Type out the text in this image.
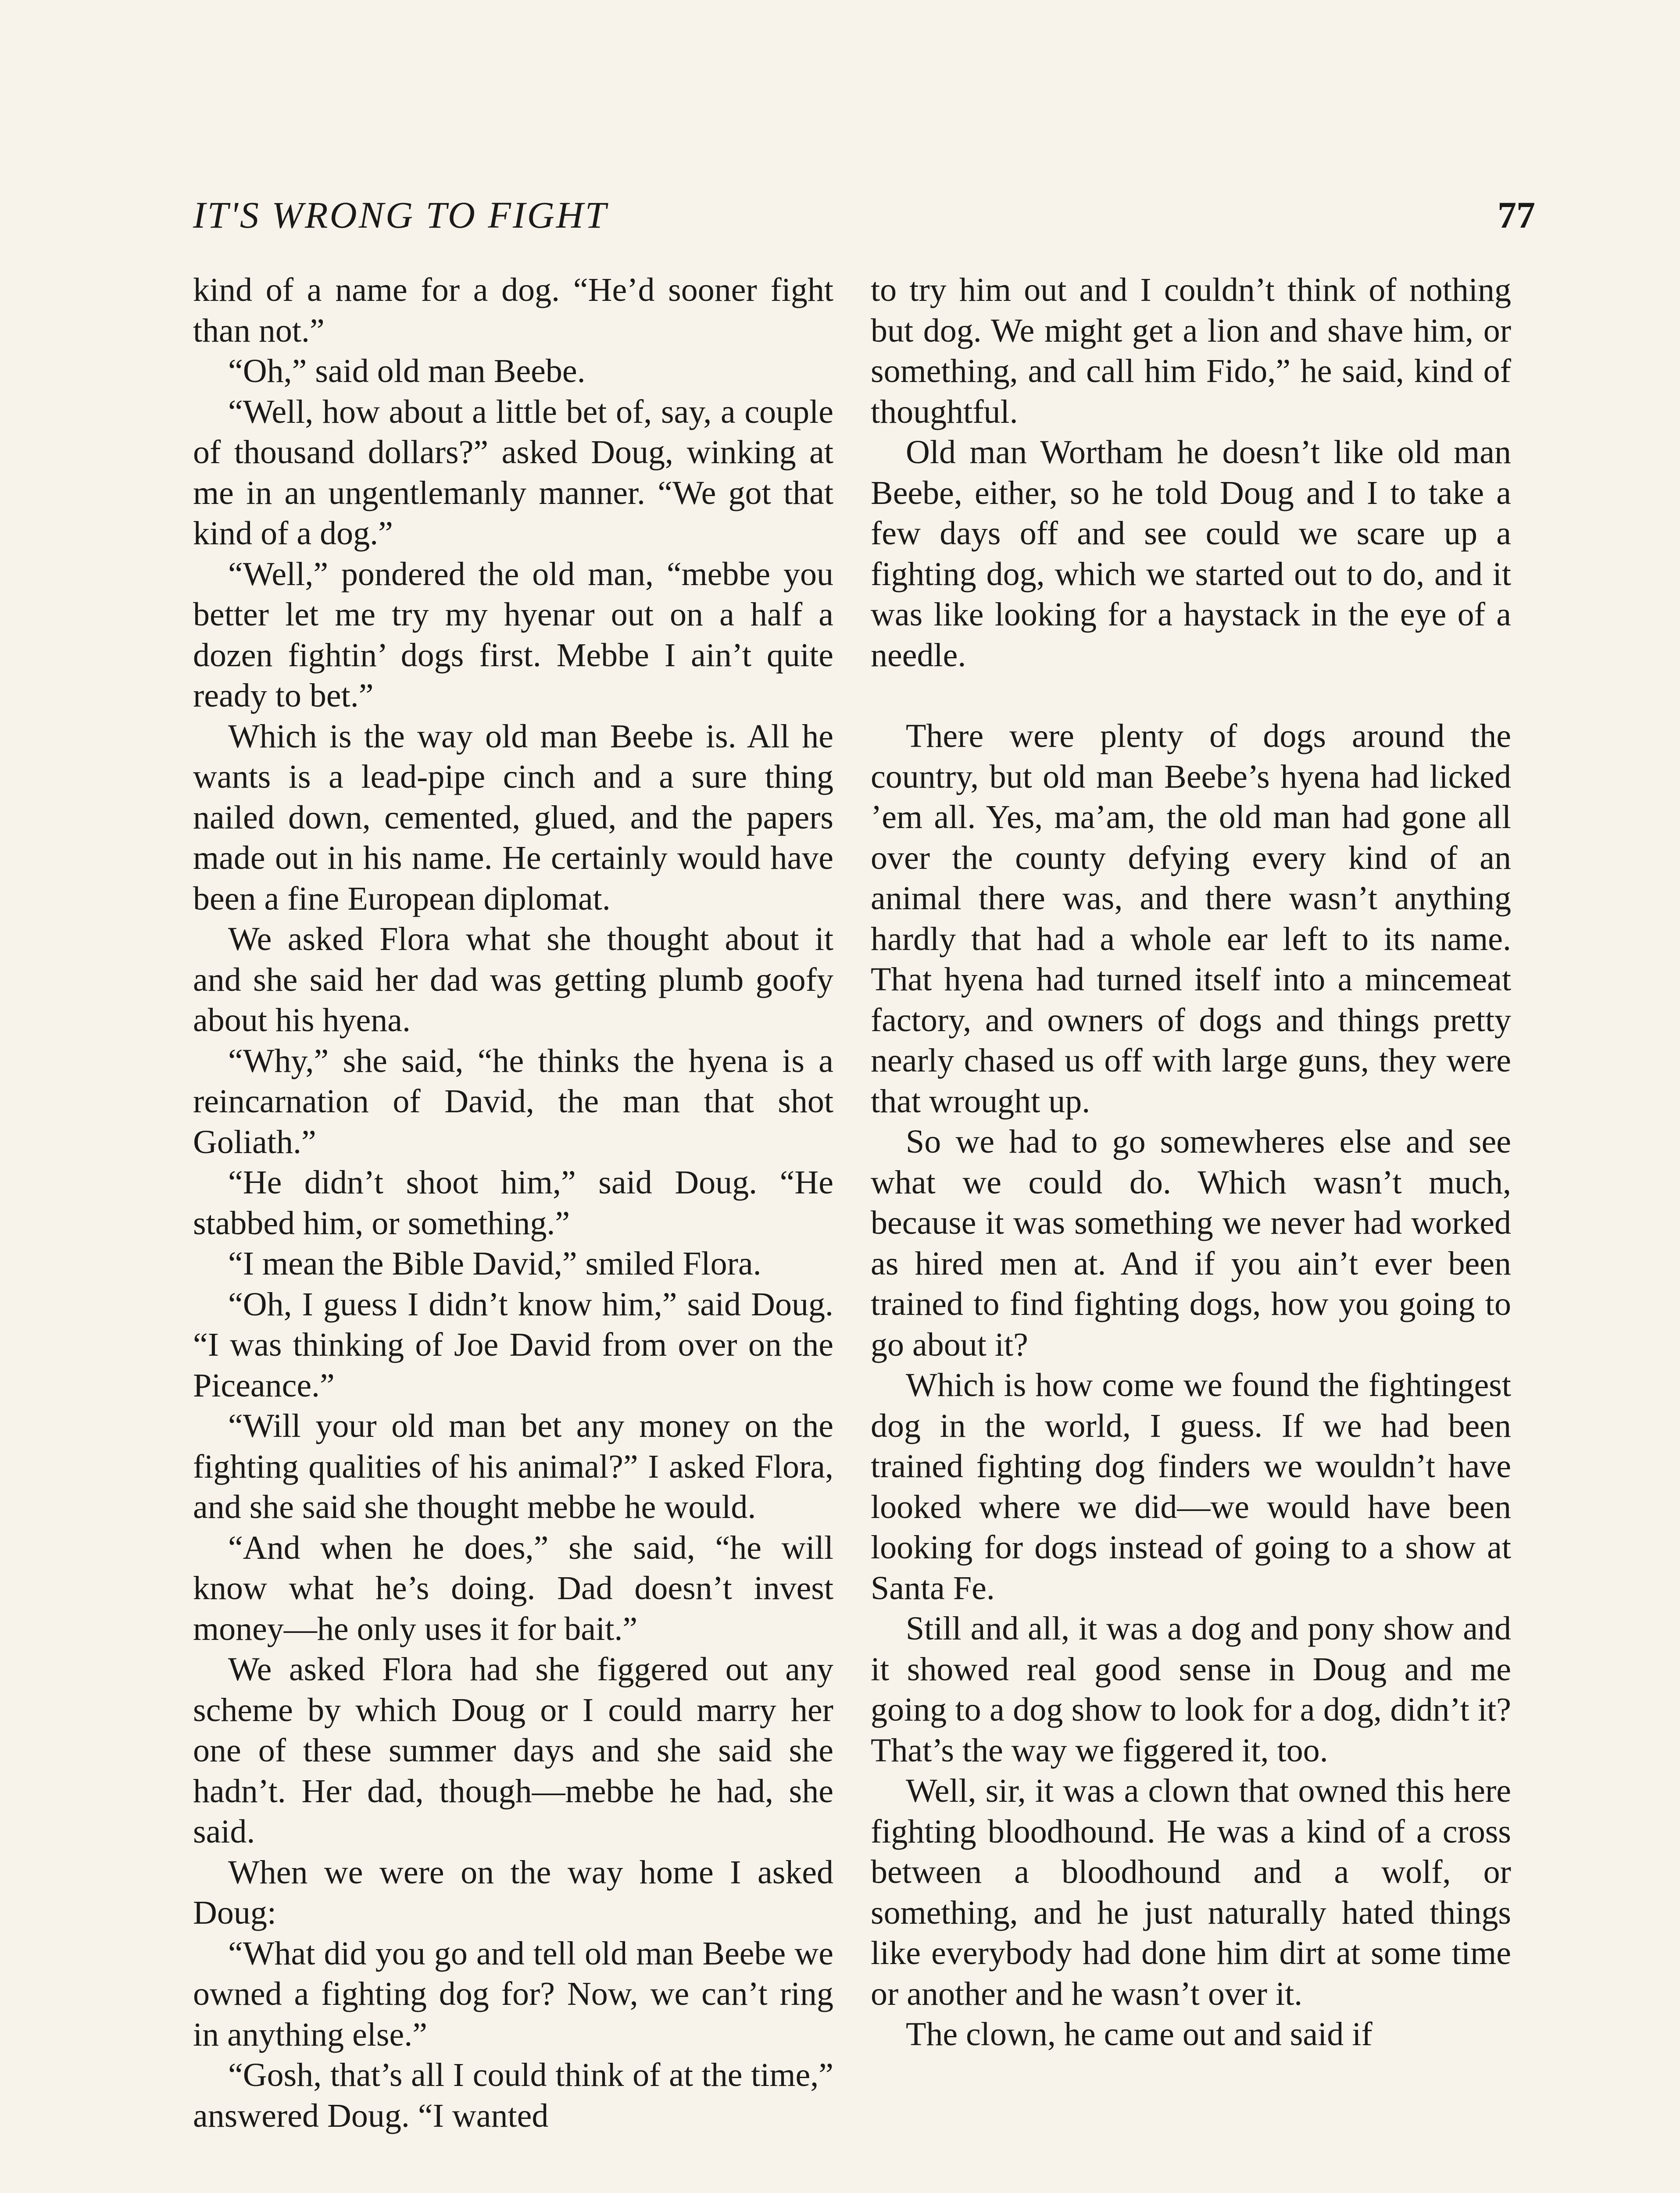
IT'S WRONG TO FIGHT	77

kind of a name for a dog. “He’d sooner fight than not.”

“Oh,” said old man Beebe.

“Well, how about a little bet of, say, a couple of thousand dollars?” asked Doug, winking at me in an ungentlemanly manner. “We got that kind of a dog.”

“Well,” pondered the old man, “mebbe you better let me try my hyenar out on a half a dozen fightin’ dogs first. Mebbe I ain’t quite ready to bet.”

Which is the way old man Beebe is. All he wants is a lead-pipe cinch and a sure thing nailed down, cemented, glued, and the papers made out in his name. He certainly would have been a fine European diplomat.

We asked Flora what she thought about it and she said her dad was getting plumb goofy about his hyena.

“Why,” she said, “he thinks the hyena is a reincarnation of David, the man that shot Goliath.”

“He didn’t shoot him,” said Doug. “He stabbed him, or something.”

“I mean the Bible David,” smiled Flora.

“Oh, I guess I didn’t know him,” said Doug. “I was thinking of Joe David from over on the Piceance.”

“Will your old man bet any money on the fighting qualities of his animal?” I asked Flora, and she said she thought mebbe he would.

“And when he does,” she said, “he will know what he’s doing. Dad doesn’t invest money—he only uses it for bait.”

We asked Flora had she figgered out any scheme by which Doug or I could marry her one of these summer days and she said she hadn’t. Her dad, though—mebbe he had, she said.

When we were on the way home I asked Doug:

“What did you go and tell old man Beebe we owned a fighting dog for? Now, we can’t ring in anything else.”

“Gosh, that’s all I could think of at the time,” answered Doug. “I wanted

to try him out and I couldn’t think of nothing but dog. We might get a lion and shave him, or something, and call him Fido,” he said, kind of thoughtful.

Old man Wortham he doesn’t like old man Beebe, either, so he told Doug and I to take a few days off and see could we scare up a fighting dog, which we started out to do, and it was like looking for a haystack in the eye of a needle.

There were plenty of dogs around the country, but old man Beebe’s hyena had licked ’em all. Yes, ma’am, the old man had gone all over the county defying every kind of an animal there was, and there wasn’t anything hardly that had a whole ear left to its name. That hyena had turned itself into a mincemeat factory, and owners of dogs and things pretty nearly chased us off with large guns, they were that wrought up.

So we had to go somewheres else and see what we could do. Which wasn’t much, because it was something we never had worked as hired men at. And if you ain’t ever been trained to find fighting dogs, how you going to go about it?

Which is how come we found the fightingest dog in the world, I guess. If we had been trained fighting dog finders we wouldn’t have looked where we did—we would have been looking for dogs instead of going to a show at Santa Fe.

Still and all, it was a dog and pony show and it showed real good sense in Doug and me going to a dog show to look for a dog, didn’t it? That’s the way we figgered it, too.

Well, sir, it was a clown that owned this here fighting bloodhound. He was a kind of a cross between a bloodhound and a wolf, or something, and he just naturally hated things like everybody had done him dirt at some time or another and he wasn’t over it.

The clown, he came out and said if
